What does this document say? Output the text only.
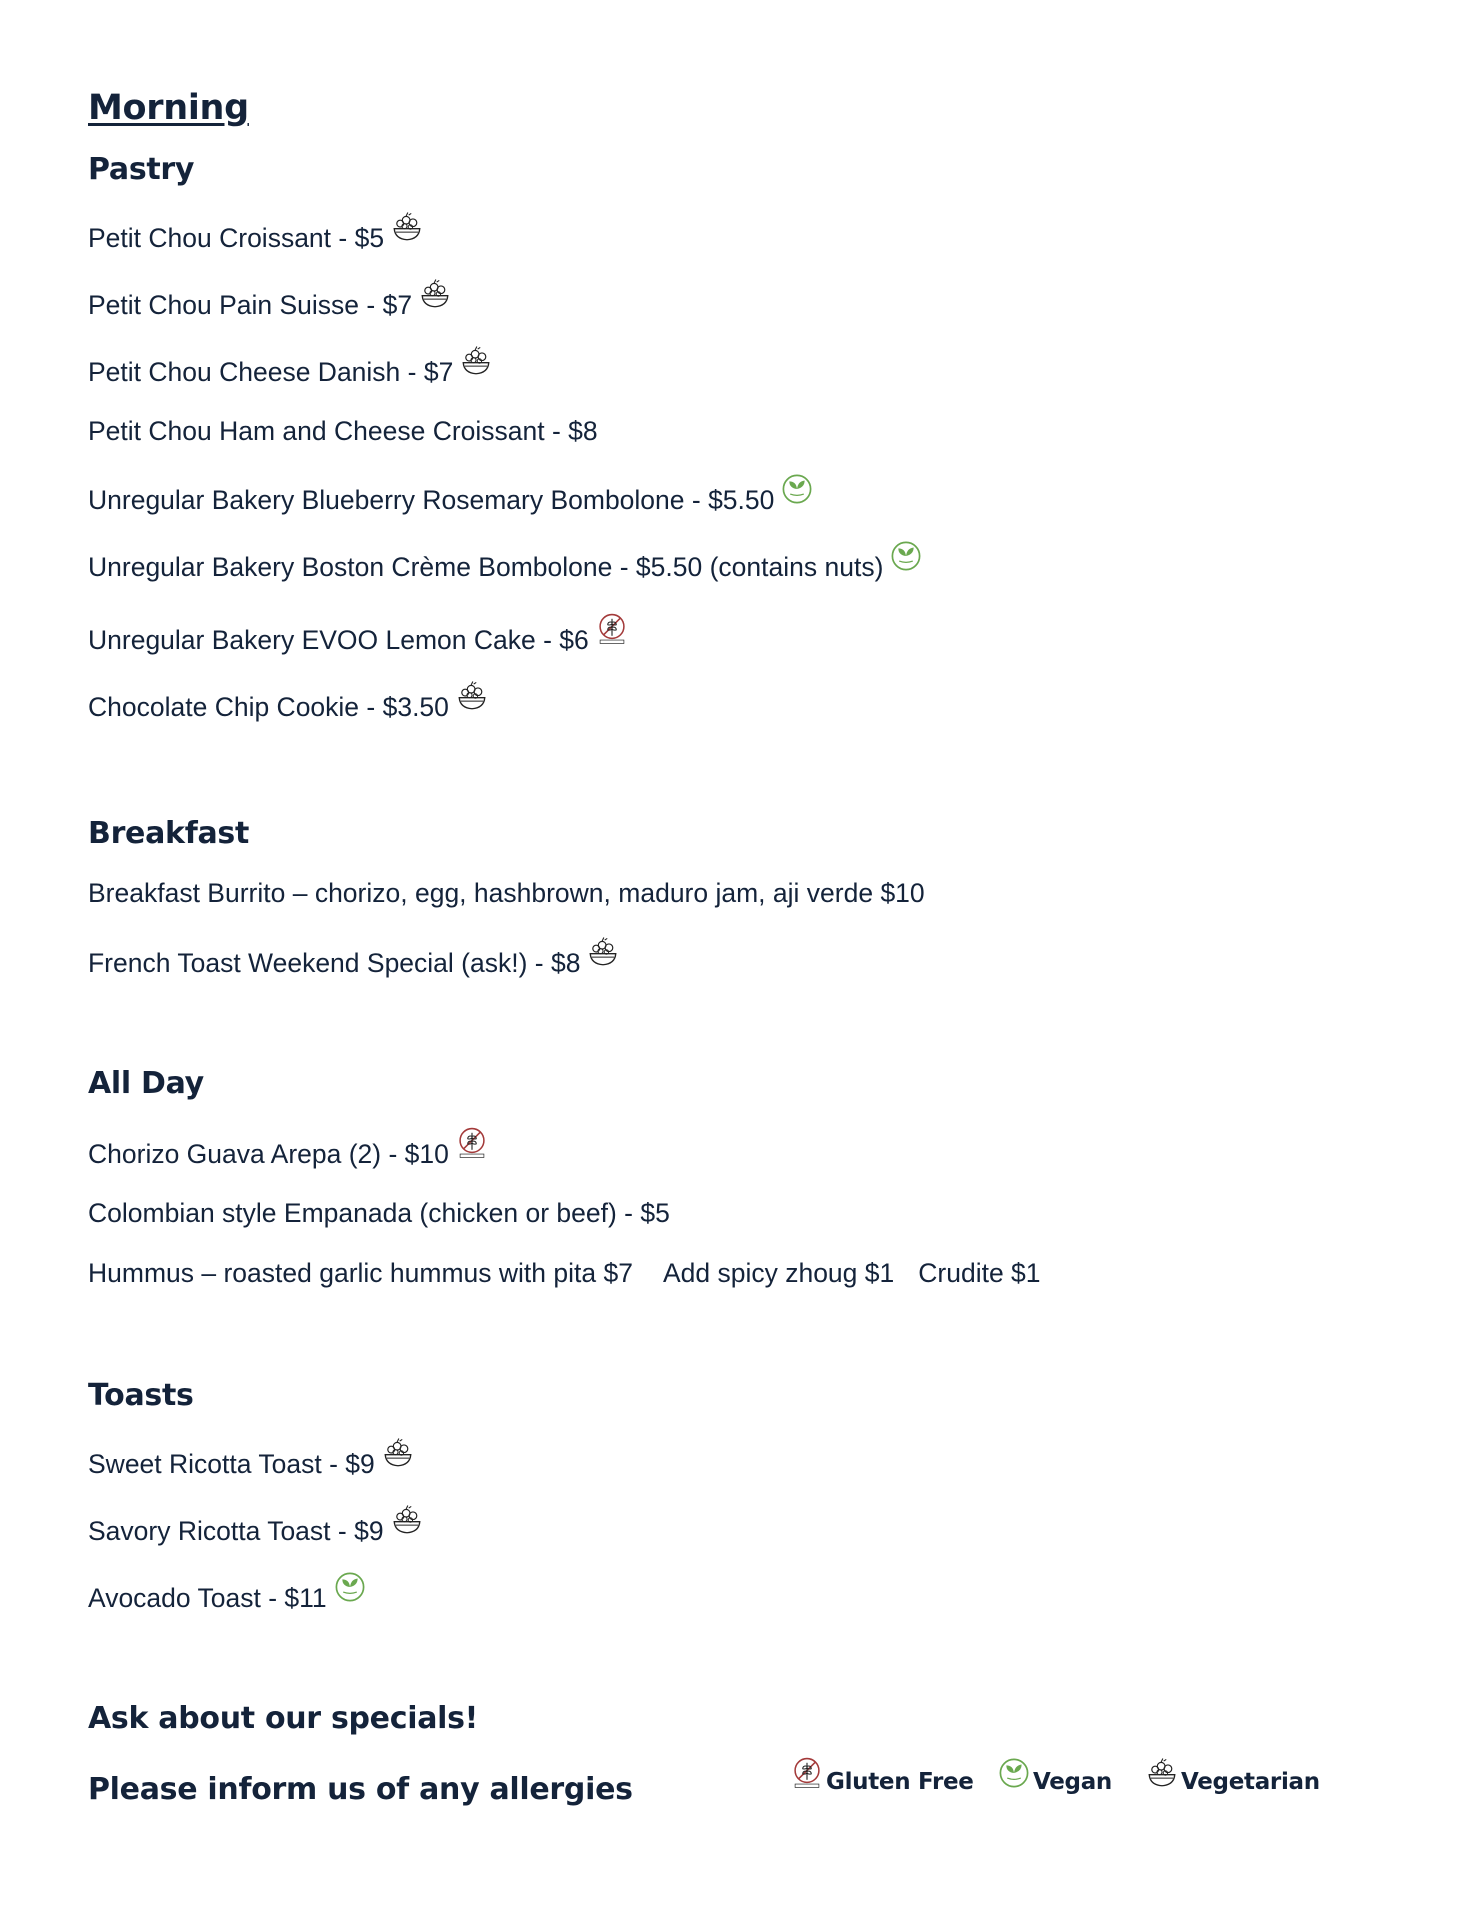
Morning
Pastry

Petit Chou Croissant - $5

Petit Chou Pain Suisse - $7

Petit Chou Cheese Danish - $7

Petit Chou Ham and Cheese Croissant - $8

Unregular Bakery Blueberry Rosemary Bombolone - $5.50

Unregular Bakery Boston Crème Bombolone - $5.50 (contains nuts)

Unregular Bakery EVOO Lemon Cake - $6

Chocolate Chip Cookie - $3.50

Breakfast

Breakfast Burrito – chorizo, egg, hashbrown, maduro jam, aji verde $10

French Toast Weekend Special (ask!) - $8

All Day

Chorizo Guava Arepa (2) - $10

Colombian style Empanada (chicken or beef) - $5

Hummus – roasted garlic hummus with pita $7 Add spicy zhoug $1 Crudite $1

Toasts

Sweet Ricotta Toast - $9

Savory Ricotta Toast - $9

Avocado Toast - $11

Ask about our specials!

Please inform us of any allergies	Gluten Free	Vegan	Vegetarian
